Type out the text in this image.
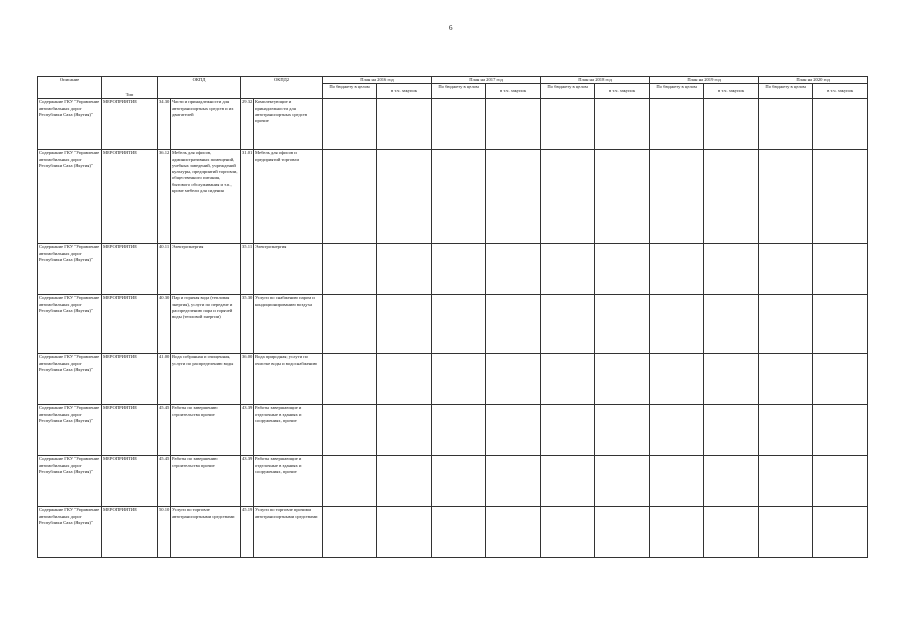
6
Описание	Тип	ОКПД		ОКПД2		План на 2016 год		План на 2017 год		План на 2018 год		План на 2019 год		План на 2020 год	
						По бюджету в целом	в т.ч. закупок	По бюджету в целом	в т.ч. закупок	По бюджету в целом	в т.ч. закупок	По бюджету в целом	в т.ч. закупок	По бюджету в целом	в т.ч. закупок
Содержание ГКУ "Управление автомобильных дорог Республики Саха (Якутия)"	МЕРОПРИЯТИЕ	34.30	Части и принадлежности для автотранспортных средств и их двигателей	29.32	Комплектующие и принадлежности для автотранспортных средств прочие										
Содержание ГКУ "Управление автомобильных дорог Республики Саха (Якутия)"	МЕРОПРИЯТИЕ	36.12	Мебель для офисов, административных помещений, учебных заведений, учреждений культуры, предприятий торговли, общественного питания, бытового обслуживания и т.п., кроме мебели для сидения	31.01	Мебель для офисов и предприятий торговли										
Содержание ГКУ "Управление автомобильных дорог Республики Саха (Якутия)"	МЕРОПРИЯТИЕ	40.11	Электроэнергия	35.11	Электроэнергия										
Содержание ГКУ "Управление автомобильных дорог Республики Саха (Якутия)"	МЕРОПРИЯТИЕ	40.30	Пар и горячая вода (тепловая энергия), услуги по передаче и распределению пара и горячей воды (тепловой энергии)	35.30	Услуги по снабжению паром и кондиционированию воздуха										
Содержание ГКУ "Управление автомобильных дорог Республики Саха (Якутия)"	МЕРОПРИЯТИЕ	41.00	Вода собранная и очищенная, услуги по распределению воды	36.00	Вода природная; услуги по очистке воды и водоснабжению										
Содержание ГКУ "Управление автомобильных дорог Республики Саха (Якутия)"	МЕРОПРИЯТИЕ	45.45	Работы по завершению строительства прочие	43.39	Работы завершающие и отделочные в зданиях и сооружениях, прочие										
Содержание ГКУ "Управление автомобильных дорог Республики Саха (Якутия)"	МЕРОПРИЯТИЕ	45.45	Работы по завершению строительства прочие	43.39	Работы завершающие и отделочные в зданиях и сооружениях, прочие										
Содержание ГКУ "Управление автомобильных дорог Республики Саха (Якутия)"	МЕРОПРИЯТИЕ	50.10	Услуги по торговле автотранспортными средствами	45.19	Услуги по торговле прочими автотранспортными средствами										
